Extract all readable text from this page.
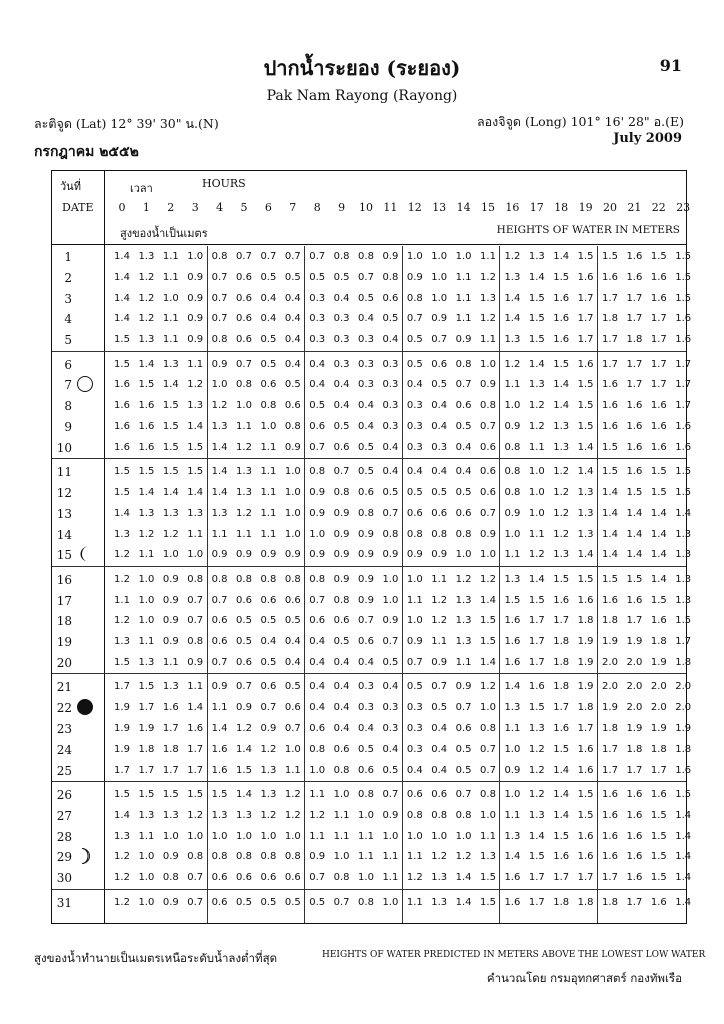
ปากน้ำระยอง (ระยอง)	91
Pak Nam Rayong (Rayong)
ละติจูด (Lat) 12° 39' 30" น.(N)	ลองจิจูด (Long) 101° 16' 28" อ.(E)
กรกฎาคม ๒๕๕๒
July 2009
วันที่
DATE
เวลา	HOURS
สูงของน้ำเป็นเมตร	HEIGHTS OF WATER IN METERS
0	1	2	3	4	5	6	7	8	9	10 11 12 13 14 15 16 17 18 19 20 21 22 23
1	1.4 1.3 1.1 1.0 0.8 0.7 0.7 0.7 0.7 0.8 0.8 0.9 1.0 1.0 1.0 1.1 1.2 1.3 1.4 1.5 1.5 1.6 1.5 1.5
2	1.4 1.2 1.1 0.9 0.7 0.6 0.5 0.5 0.5 0.5 0.7 0.8 0.9 1.0 1.1 1.2 1.3 1.4 1.5 1.6 1.6 1.6 1.6 1.5
3	1.4 1.2 1.0 0.9 0.7 0.6 0.4 0.4 0.3 0.4 0.5 0.6 0.8 1.0 1.1 1.3 1.4 1.5 1.6 1.7 1.7 1.7 1.6 1.5
4	1.4 1.2 1.1 0.9 0.7 0.6 0.4 0.4 0.3 0.3 0.4 0.5 0.7 0.9 1.1 1.2 1.4 1.5 1.6 1.7 1.8 1.7 1.7 1.6
5	1.5 1.3 1.1 0.9 0.8 0.6 0.5 0.4 0.3 0.3 0.3 0.4 0.5 0.7 0.9 1.1 1.3 1.5 1.6 1.7 1.7 1.8 1.7 1.6
6	1.5 1.4 1.3 1.1 0.9 0.7 0.5 0.4 0.4 0.3 0.3 0.3 0.5 0.6 0.8 1.0 1.2 1.4 1.5 1.6 1.7 1.7 1.7 1.7
7	1.6 1.5 1.4 1.2 1.0 0.8 0.6 0.5 0.4 0.4 0.3 0.3 0.4 0.5 0.7 0.9 1.1 1.3 1.4 1.5 1.6 1.7 1.7 1.7
8	1.6 1.6 1.5 1.3 1.2 1.0 0.8 0.6 0.5 0.4 0.4 0.3 0.3 0.4 0.6 0.8 1.0 1.2 1.4 1.5 1.6 1.6 1.6 1.7
9	1.6 1.6 1.5 1.4 1.3 1.1 1.0 0.8 0.6 0.5 0.4 0.3 0.3 0.4 0.5 0.7 0.9 1.2 1.3 1.5 1.6 1.6 1.6 1.6
10	1.6 1.6 1.5 1.5 1.4 1.2 1.1 0.9 0.7 0.6 0.5 0.4 0.3 0.3 0.4 0.6 0.8 1.1 1.3 1.4 1.5 1.6 1.6 1.6
11	1.5 1.5 1.5 1.5 1.4 1.3 1.1 1.0 0.8 0.7 0.5 0.4 0.4 0.4 0.4 0.6 0.8 1.0 1.2 1.4 1.5 1.6 1.5 1.5
12	1.5 1.4 1.4 1.4 1.4 1.3 1.1 1.0 0.9 0.8 0.6 0.5 0.5 0.5 0.5 0.6 0.8 1.0 1.2 1.3 1.4 1.5 1.5 1.5
13	1.4 1.3 1.3 1.3 1.3 1.2 1.1 1.0 0.9 0.9 0.8 0.7 0.6 0.6 0.6 0.7 0.9 1.0 1.2 1.3 1.4 1.4 1.4 1.4
14	1.3 1.2 1.2 1.1 1.1 1.1 1.1 1.0 1.0 0.9 0.9 0.8 0.8 0.8 0.8 0.9 1.0 1.1 1.2 1.3 1.4 1.4 1.4 1.3
15	1.2 1.1 1.0 1.0 0.9 0.9 0.9 0.9 0.9 0.9 0.9 0.9 0.9 0.9 1.0 1.0 1.1 1.2 1.3 1.4 1.4 1.4 1.4 1.3
16	1.2 1.0 0.9 0.8 0.8 0.8 0.8 0.8 0.8 0.9 0.9 1.0 1.0 1.1 1.2 1.2 1.3 1.4 1.5 1.5 1.5 1.5 1.4 1.3
17	1.1 1.0 0.9 0.7 0.7 0.6 0.6 0.6 0.7 0.8 0.9 1.0 1.1 1.2 1.3 1.4 1.5 1.5 1.6 1.6 1.6 1.6 1.5 1.3
18	1.2 1.0 0.9 0.7 0.6 0.5 0.5 0.5 0.6 0.6 0.7 0.9 1.0 1.2 1.3 1.5 1.6 1.7 1.7 1.8 1.8 1.7 1.6 1.5
19	1.3 1.1 0.9 0.8 0.6 0.5 0.4 0.4 0.4 0.5 0.6 0.7 0.9 1.1 1.3 1.5 1.6 1.7 1.8 1.9 1.9 1.9 1.8 1.7
20	1.5 1.3 1.1 0.9 0.7 0.6 0.5 0.4 0.4 0.4 0.4 0.5 0.7 0.9 1.1 1.4 1.6 1.7 1.8 1.9 2.0 2.0 1.9 1.8
21	1.7 1.5 1.3 1.1 0.9 0.7 0.6 0.5 0.4 0.4 0.3 0.4 0.5 0.7 0.9 1.2 1.4 1.6 1.8 1.9 2.0 2.0 2.0 2.0
22	1.9 1.7 1.6 1.4 1.1 0.9 0.7 0.6 0.4 0.4 0.3 0.3 0.3 0.5 0.7 1.0 1.3 1.5 1.7 1.8 1.9 2.0 2.0 2.0
23	1.9 1.9 1.7 1.6 1.4 1.2 0.9 0.7 0.6 0.4 0.4 0.3 0.3 0.4 0.6 0.8 1.1 1.3 1.6 1.7 1.8 1.9 1.9 1.9
24	1.9 1.8 1.8 1.7 1.6 1.4 1.2 1.0 0.8 0.6 0.5 0.4 0.3 0.4 0.5 0.7 1.0 1.2 1.5 1.6 1.7 1.8 1.8 1.8
25	1.7 1.7 1.7 1.7 1.6 1.5 1.3 1.1 1.0 0.8 0.6 0.5 0.4 0.4 0.5 0.7 0.9 1.2 1.4 1.6 1.7 1.7 1.7 1.6
26	1.5 1.5 1.5 1.5 1.5 1.4 1.3 1.2 1.1 1.0 0.8 0.7 0.6 0.6 0.7 0.8 1.0 1.2 1.4 1.5 1.6 1.6 1.6 1.5
27	1.4 1.3 1.3 1.2 1.3 1.3 1.2 1.2 1.2 1.1 1.0 0.9 0.8 0.8 0.8 1.0 1.1 1.3 1.4 1.5 1.6 1.6 1.5 1.4
28	1.3 1.1 1.0 1.0 1.0 1.0 1.0 1.0 1.1 1.1 1.1 1.0 1.0 1.0 1.0 1.1 1.3 1.4 1.5 1.6 1.6 1.6 1.5 1.4
29	1.2 1.0 0.9 0.8 0.8 0.8 0.8 0.8 0.9 1.0 1.1 1.1 1.1 1.2 1.2 1.3 1.4 1.5 1.6 1.6 1.6 1.6 1.5 1.4
30	1.2 1.0 0.8 0.7 0.6 0.6 0.6 0.6 0.7 0.8 1.0 1.1 1.2 1.3 1.4 1.5 1.6 1.7 1.7 1.7 1.7 1.6 1.5 1.4
31	1.2 1.0 0.9 0.7 0.6 0.5 0.5 0.5 0.5 0.7 0.8 1.0 1.1 1.3 1.4 1.5 1.6 1.7 1.8 1.8 1.8 1.7 1.6 1.4
สูงของน้ำทำนายเป็นเมตรเหนือระดับน้ำลงต่ำที่สุด	HEIGHTS OF WATER PREDICTED IN METERS ABOVE THE LOWEST LOW WATER
คำนวณโดย กรมอุทกศาสตร์ กองทัพเรือ
